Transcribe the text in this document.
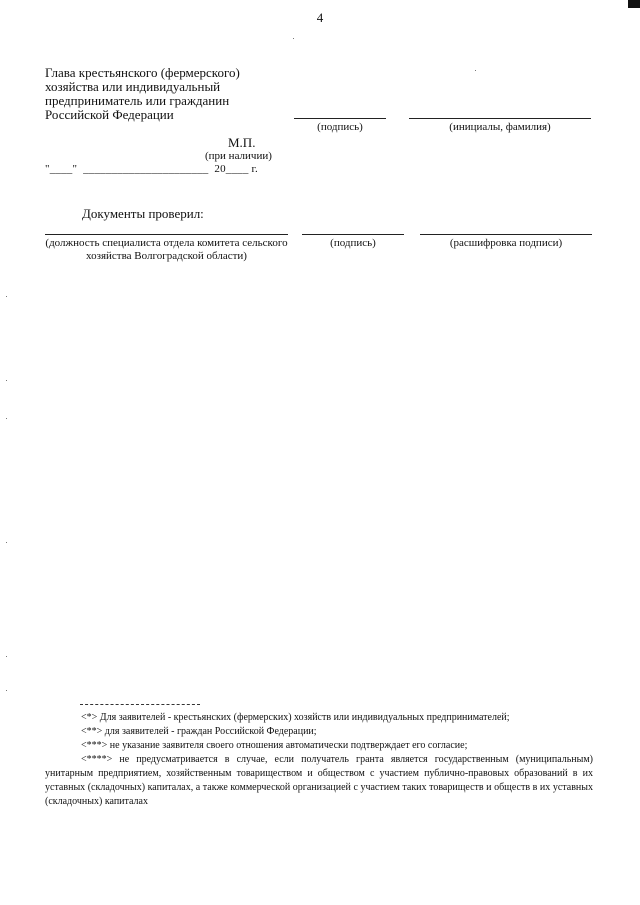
4
Глава крестьянского (фермерского) хозяйства или индивидуальный предприниматель или гражданин Российской Федерации
(подпись)	(инициалы, фамилия)
М.П.
(при наличии)
"____"  ______________________  20____ г.
Документы проверил:
(должность специалиста отдела комитета сельского хозяйства Волгоградской области)
(подпись)	(расшифровка подписи)

<*> Для заявителей - крестьянских (фермерских) хозяйств или индивидуальных предпринимателей;

<**> для заявителей - граждан Российской Федерации;

<***> не указание заявителя своего отношения автоматически подтверждает его согласие;

<****> не предусматривается в случае, если получатель гранта является государственным (муниципальным) унитарным предприятием, хозяйственным товариществом и обществом с участием публично-правовых образований в их уставных (складочных) капиталах, а также коммерческой организацией с участием таких товариществ и обществ в их уставных (складочных) капиталах
